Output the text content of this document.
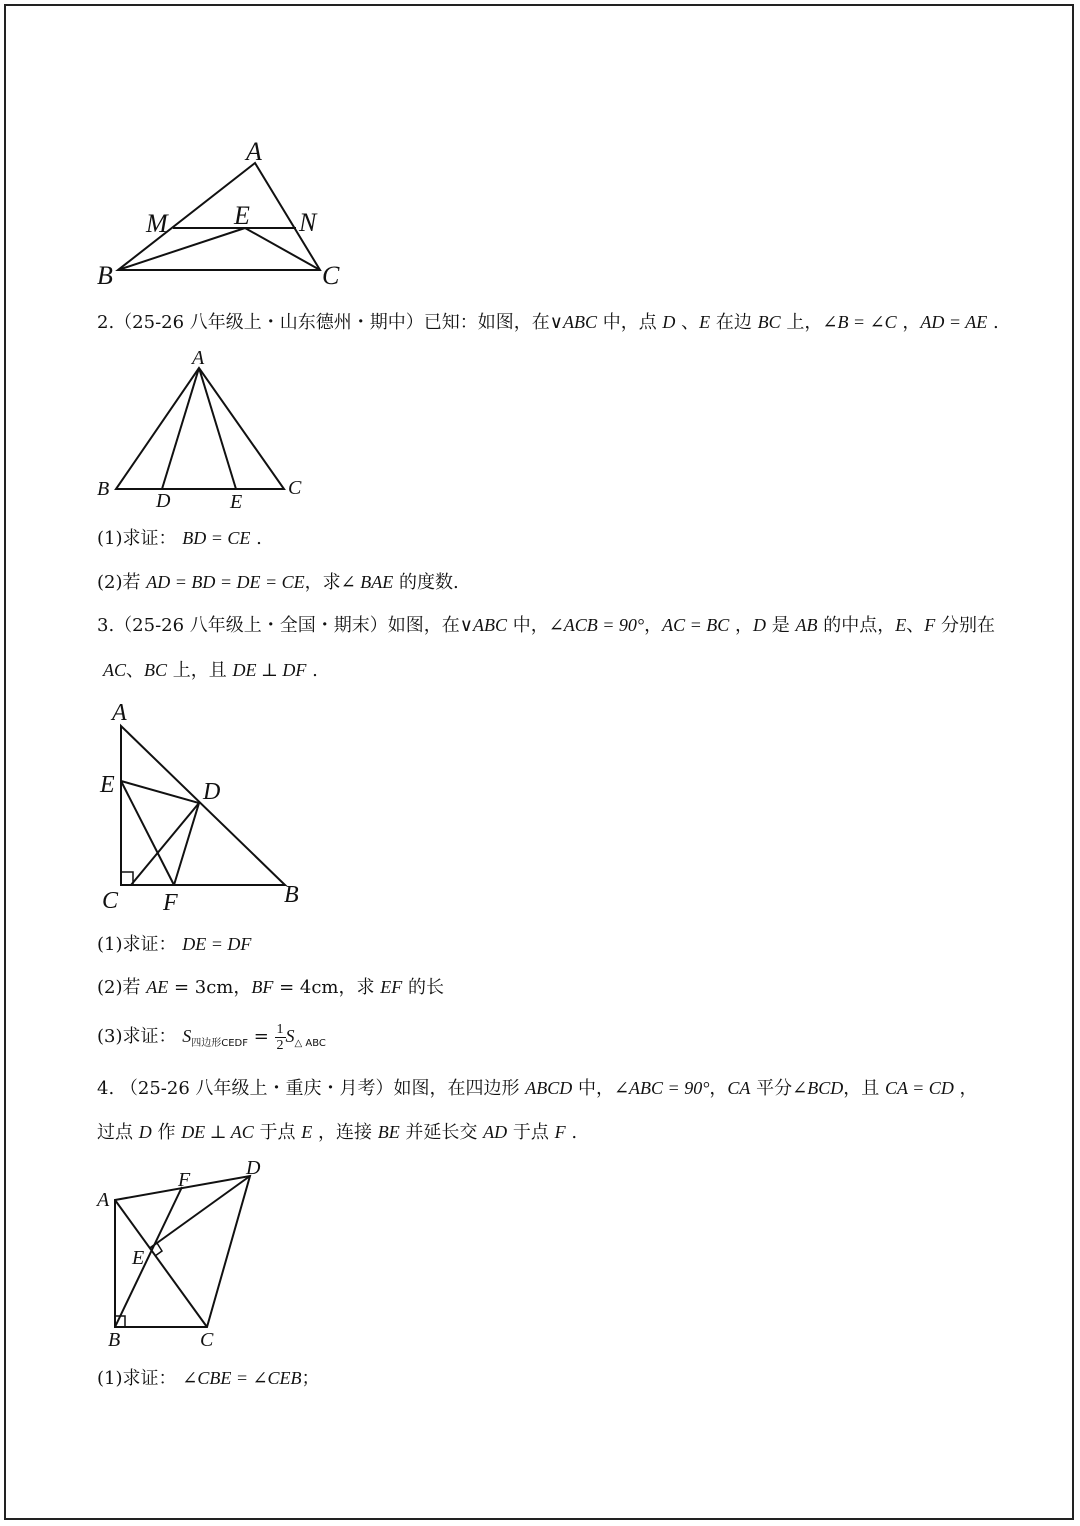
A
M	E N
B	C
2.（25-26 八年级上・山东德州・期中）已知：如图，在∨ABC 中，点 D 、E 在边 BC 上，∠B = ∠C ，AD = AE .
A
B
D	E
C
(1)求证： BD = CE .
(2)若 AD = BD = DE = CE，求∠ BAE 的度数.
3.（25-26 八年级上・全国・期末）如图，在∨ABC 中，∠ACB = 90°，AC = BC ，D 是 AB 的中点，E、F 分别在
AC、BC 上，且 DE ⊥ DF .
A
E	D
C F	B
(1)求证： DE = DF
(2)若 AE = 3cm，BF = 4cm，求 EF 的长
(3)求证： $S_{四边形CEDF} = \frac{1}{2} S_{\triangle ABC}$
4. （25-26 八年级上・重庆・月考）如图，在四边形 ABCD 中，∠ABC = 90°，CA 平分∠BCD，且 CA = CD ，
过点 D 作 DE ⊥ AC 于点 E ，连接 BE 并延长交 AD 于点 F .
A
F
D
E
B	C
(1)求证： ∠CBE = ∠CEB；
